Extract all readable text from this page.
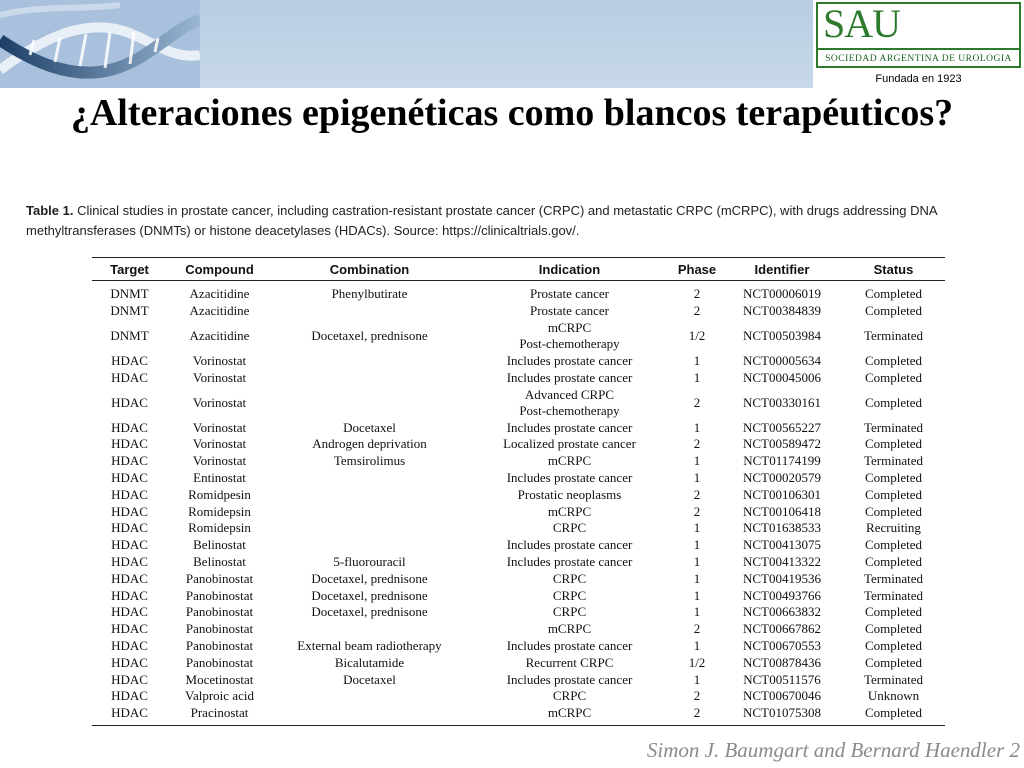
SAU
SOCIEDAD ARGENTINA DE UROLOGIA
Fundada en 1923
¿Alteraciones epigenéticas como blancos terapéuticos?
Table 1. Clinical studies in prostate cancer, including castration-resistant prostate cancer (CRPC) and metastatic CRPC (mCRPC), with drugs addressing DNA methyltransferases (DNMTs) or histone deacetylases (HDACs). Source: https://clinicaltrials.gov/.
Target	Compound	Combination	Indication	Phase	Identifier	Status
DNMT	Azacitidine	Phenylbutirate	Prostate cancer	2	NCT00006019	Completed
DNMT	Azacitidine		Prostate cancer	2	NCT00384839	Completed
DNMT	Azacitidine	Docetaxel, prednisone	mCRPC
Post-chemotherapy	1/2	NCT00503984	Terminated
HDAC	Vorinostat		Includes prostate cancer	1	NCT00005634	Completed
HDAC	Vorinostat		Includes prostate cancer	1	NCT00045006	Completed
HDAC	Vorinostat		Advanced CRPC
Post-chemotherapy	2	NCT00330161	Completed
HDAC	Vorinostat	Docetaxel	Includes prostate cancer	1	NCT00565227	Terminated
HDAC	Vorinostat	Androgen deprivation	Localized prostate cancer	2	NCT00589472	Completed
HDAC	Vorinostat	Temsirolimus	mCRPC	1	NCT01174199	Terminated
HDAC	Entinostat		Includes prostate cancer	1	NCT00020579	Completed
HDAC	Romidpesin		Prostatic neoplasms	2	NCT00106301	Completed
HDAC	Romidepsin		mCRPC	2	NCT00106418	Completed
HDAC	Romidepsin		CRPC	1	NCT01638533	Recruiting
HDAC	Belinostat		Includes prostate cancer	1	NCT00413075	Completed
HDAC	Belinostat	5-fluorouracil	Includes prostate cancer	1	NCT00413322	Completed
HDAC	Panobinostat	Docetaxel, prednisone	CRPC	1	NCT00419536	Terminated
HDAC	Panobinostat	Docetaxel, prednisone	CRPC	1	NCT00493766	Terminated
HDAC	Panobinostat	Docetaxel, prednisone	CRPC	1	NCT00663832	Completed
HDAC	Panobinostat		mCRPC	2	NCT00667862	Completed
HDAC	Panobinostat	External beam radiotherapy	Includes prostate cancer	1	NCT00670553	Completed
HDAC	Panobinostat	Bicalutamide	Recurrent CRPC	1/2	NCT00878436	Completed
HDAC	Mocetinostat	Docetaxel	Includes prostate cancer	1	NCT00511576	Terminated
HDAC	Valproic acid		CRPC	2	NCT00670046	Unknown
HDAC	Pracinostat		mCRPC	2	NCT01075308	Completed
Simon J. Baumgart and Bernard Haendler 2
